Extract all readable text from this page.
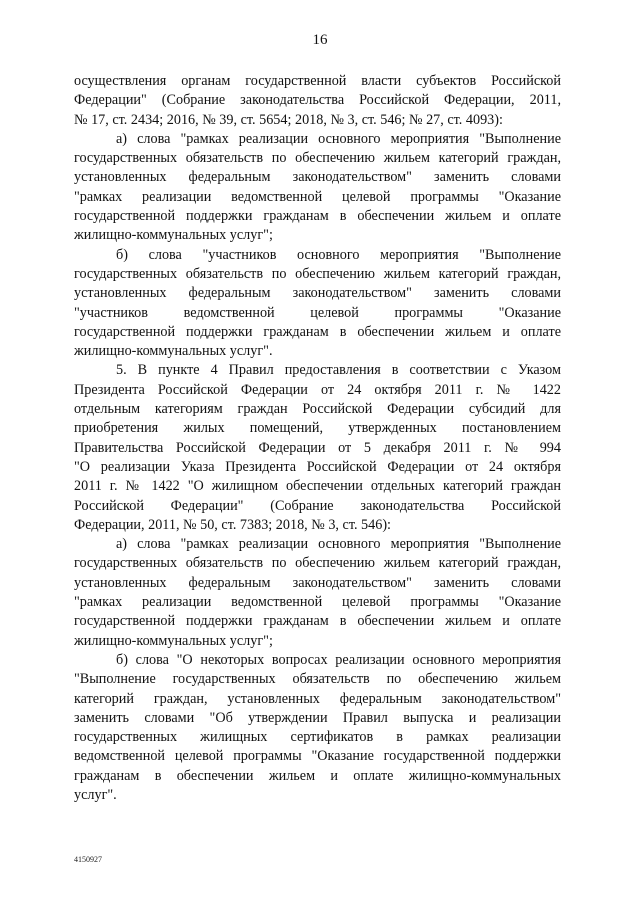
16
осуществления органам государственной власти субъектов Российской
Федерации" (Собрание законодательства Российской Федерации, 2011,
№ 17, ст. 2434; 2016, № 39, ст. 5654; 2018, № 3, ст. 546; № 27, ст. 4093):
а) слова "рамках реализации основного мероприятия "Выполнение
государственных обязательств по обеспечению жильем категорий граждан,
установленных федеральным законодательством" заменить словами
"рамках реализации ведомственной целевой программы "Оказание
государственной поддержки гражданам в обеспечении жильем и оплате
жилищно-коммунальных услуг";
б) слова "участников основного мероприятия "Выполнение
государственных обязательств по обеспечению жильем категорий граждан,
установленных федеральным законодательством" заменить словами
"участников ведомственной целевой программы "Оказание
государственной поддержки гражданам в обеспечении жильем и оплате
жилищно-коммунальных услуг".
5. В пункте 4 Правил предоставления в соответствии с Указом
Президента Российской Федерации от 24 октября 2011 г. № 1422
отдельным категориям граждан Российской Федерации субсидий для
приобретения жилых помещений, утвержденных постановлением
Правительства Российской Федерации от 5 декабря 2011 г. № 994
"О реализации Указа Президента Российской Федерации от 24 октября
2011 г. № 1422 "О жилищном обеспечении отдельных категорий граждан
Российской Федерации" (Собрание законодательства Российской
Федерации, 2011, № 50, ст. 7383; 2018, № 3, ст. 546):
а) слова "рамках реализации основного мероприятия "Выполнение
государственных обязательств по обеспечению жильем категорий граждан,
установленных федеральным законодательством" заменить словами
"рамках реализации ведомственной целевой программы "Оказание
государственной поддержки гражданам в обеспечении жильем и оплате
жилищно-коммунальных услуг";
б) слова "О некоторых вопросах реализации основного мероприятия
"Выполнение государственных обязательств по обеспечению жильем
категорий граждан, установленных федеральным законодательством"
заменить словами "Об утверждении Правил выпуска и реализации
государственных жилищных сертификатов в рамках реализации
ведомственной целевой программы "Оказание государственной поддержки
гражданам в обеспечении жильем и оплате жилищно-коммунальных
услуг".
4150927
